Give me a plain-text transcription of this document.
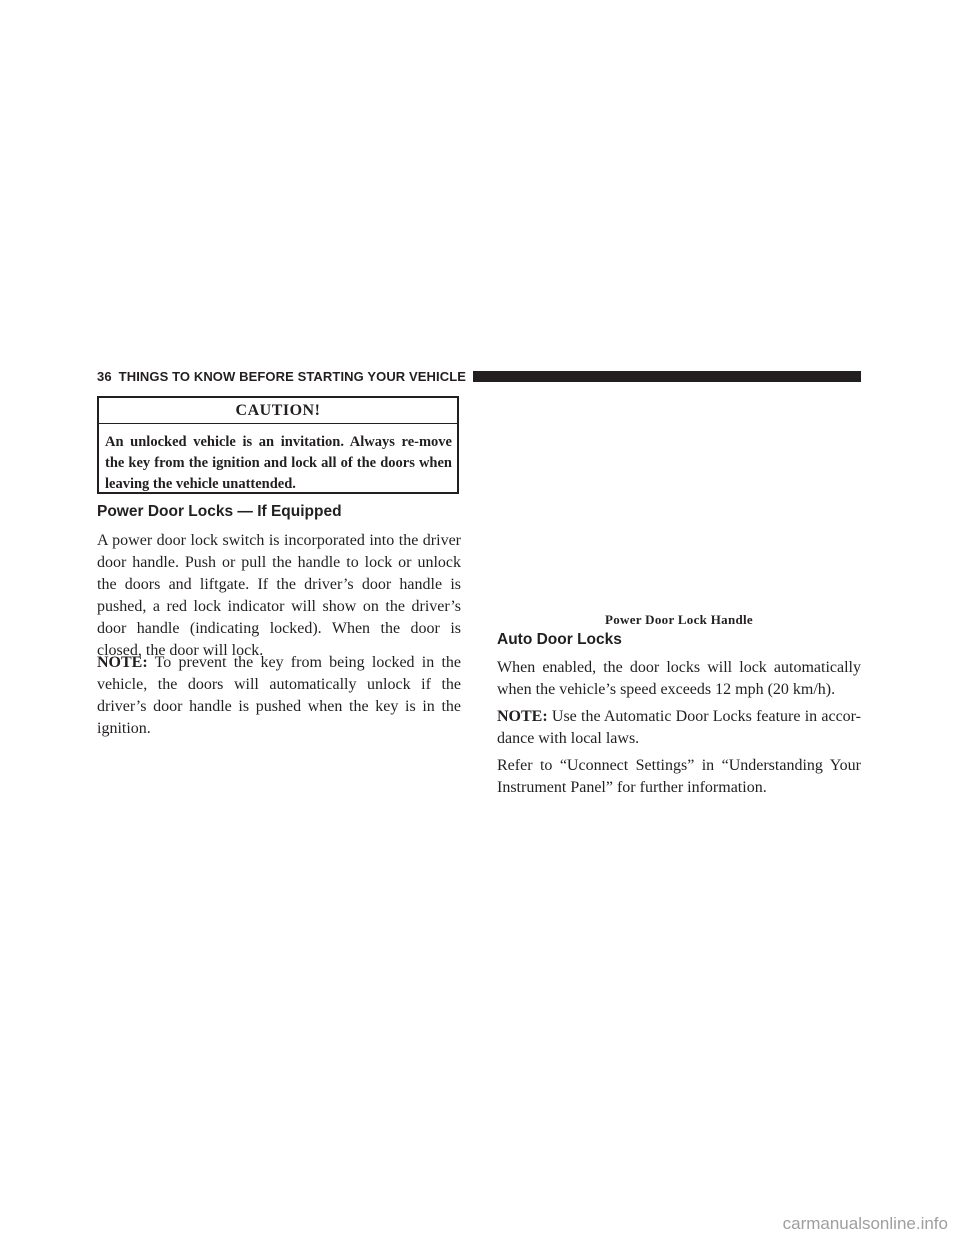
36 THINGS TO KNOW BEFORE STARTING YOUR VEHICLE
CAUTION!
An unlocked vehicle is an invitation. Always re-move the key from the ignition and lock all of the doors when leaving the vehicle unattended.
Power Door Locks — If Equipped

A power door lock switch is incorporated into the driver door handle. Push or pull the handle to lock or unlock the doors and liftgate. If the driver’s door handle is pushed, a red lock indicator will show on the driver’s door handle (indicating locked). When the door is closed, the door will lock.

NOTE: To prevent the key from being locked in the vehicle, the doors will automatically unlock if the driver’s door handle is pushed when the key is in the ignition.

Power Door Lock Handle
Auto Door Locks

When enabled, the door locks will lock automatically when the vehicle’s speed exceeds 12 mph (20 km/h).

NOTE: Use the Automatic Door Locks feature in accor-dance with local laws.

Refer to “Uconnect Settings” in “Understanding Your Instrument Panel” for further information.

carmanualsonline.info
